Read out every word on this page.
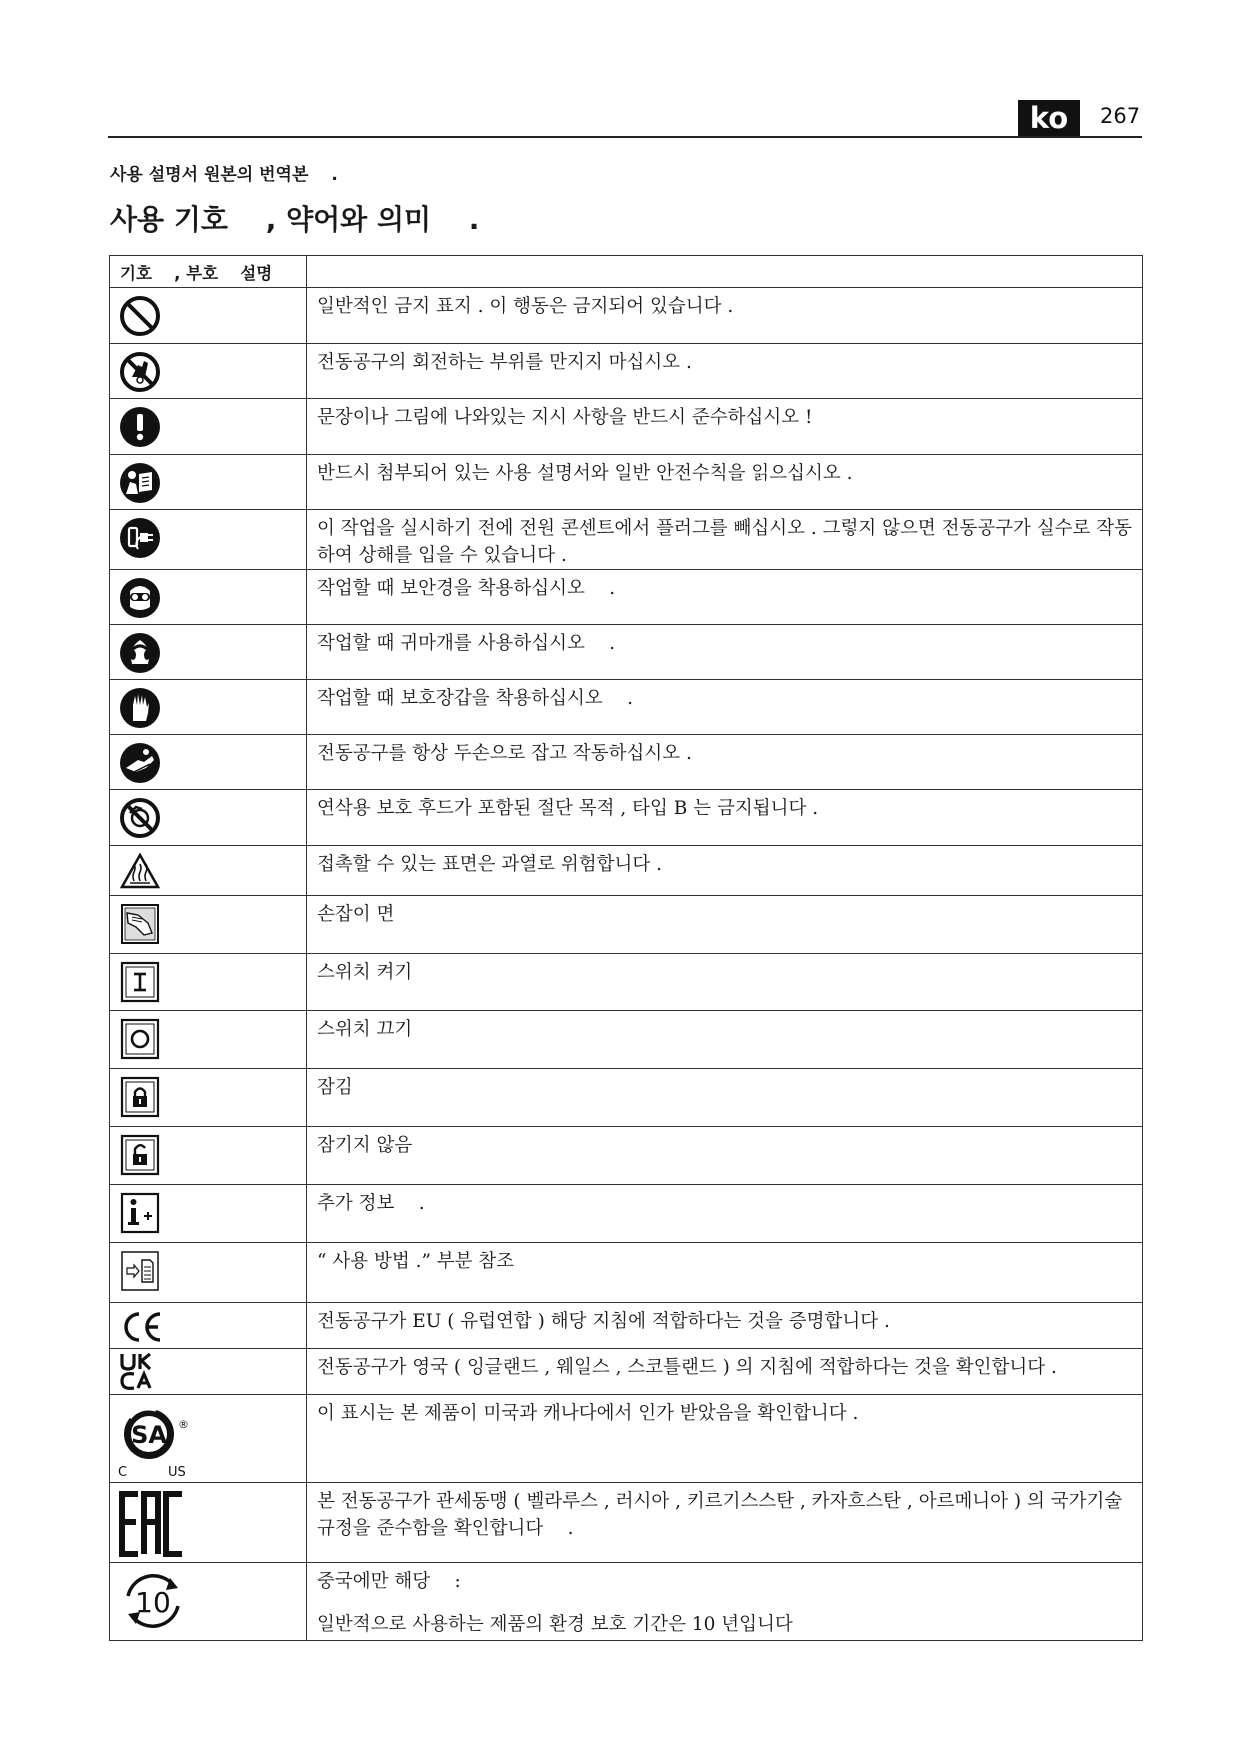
ko	267
사용 설명서 원본의 번역본 　.
사용 기호 　, 약어와 의미 　.
기호 　, 부호 　설명	

	일반적인 금지 표지 . 이 행동은 금지되어 있습니다 .

	전동공구의 회전하는 부위를 만지지 마십시오 .

	문장이나 그림에 나와있는 지시 사항을 반드시 준수하십시오 !

	반드시 첨부되어 있는 사용 설명서와 일반 안전수칙을 읽으십시오 .

	이 작업을 실시하기 전에 전원 콘센트에서 플러그를 빼십시오 . 그렇지 않으면 전동공구가 실수로 작동하여 상해를 입을 수 있습니다 .

	작업할 때 보안경을 착용하십시오 　.

	작업할 때 귀마개를 사용하십시오 　.

	작업할 때 보호장갑을 착용하십시오 　.

	전동공구를 항상 두손으로 잡고 작동하십시오 .

	연삭용 보호 후드가 포함된 절단 목적 , 타입 B 는 금지됩니다 .

	접촉할 수 있는 표면은 과열로 위험합니다 .

	손잡이 면

	스위치 켜기

	스위치 끄기

	잠김

	잠기지 않음

	추가 정보 　.

	“ 사용 방법 .” 부분 참조

	전동공구가 EU ( 유럽연합 ) 해당 지침에 적합하다는 것을 증명합니다 .

	전동공구가 영국 ( 잉글랜드 , 웨일스 , 스코틀랜드 ) 의 지침에 적합하다는 것을 확인합니다 .

SA ®
C US	이 표시는 본 제품이 미국과 캐나다에서 인가 받았음을 확인합니다 .

	본 전동공구가 관세동맹 ( 벨라루스 , 러시아 , 키르기스스탄 , 카자흐스탄 , 아르메니아 ) 의 국가기술규정을 준수함을 확인합니다 　.

10	중국에만 해당 　:
일반적으로 사용하는 제품의 환경 보호 기간은 10 년입니다
